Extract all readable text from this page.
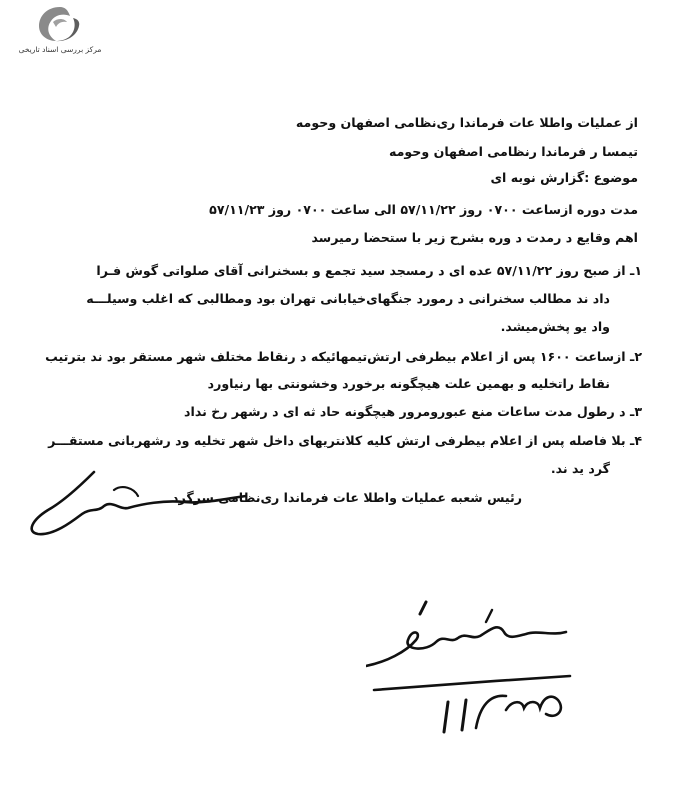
مرکز بررسی اسناد تاریخی
از عملیات واطلا عات فرماندا ری‌نظامی اصفهان وحومه
تیمسا ر فرماندا رنظامی اصفهان وحومه
موضوع :گزارش نوبه ای
مدت دوره ازساعت ۰۷۰۰ روز ۵۷/۱۱/۲۲ الی ساعت ۰۷۰۰ روز ۵۷/۱۱/۲۳
اهم وقایع د رمدت د وره بشرح زیر با ستحضا رمیرسد
۱ـ از صبح روز ۵۷/۱۱/۲۲ عده ای د رمسجد سید تجمع و بسخنرانی آقای صلواتی گوش فـرا
داد ند مطالب سخنرانی د رمورد جنگهای‌خیابانی تهران بود ومطالبی که اغلب وسیلـــه
واد یو پخش‌میشد.
۲ـ ازساعت ۱۶۰۰ پس از اعلام بیطرفی ارتش‌تیمهائیکه د رنقاط مختلف شهر مستقر بود ند بترتیب
نقاط راتخلیه و بهمین علت هیچگونه برخورد وخشونتی بها رنیاورد
۳ـ د رطول مدت ساعات منع عبورومرور هیچگونه حاد ثه ای د رشهر رخ نداد
۴ـ بلا فاصله پس از اعلام بیطرفی ارتش کلیه کلانتریهای داخل شهر تخلیه ود رشهربانی مستقـــر
گرد ید ند.
رئیس شعبه عملیات واطلا عات فرماندا ری‌نظامی سرگرد
